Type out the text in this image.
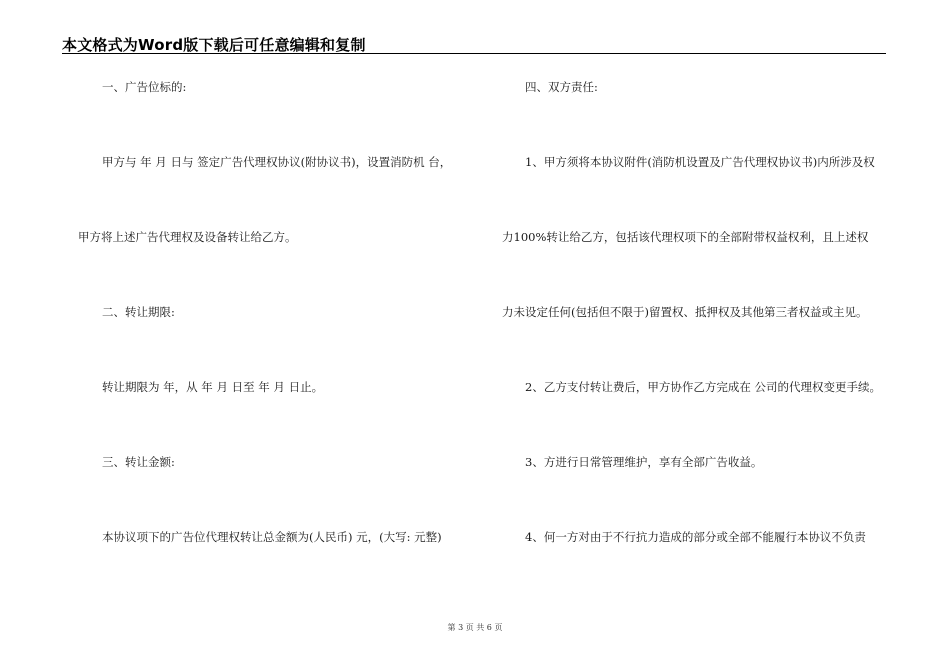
本文格式为Word版下载后可任意编辑和复制
一、广告位标的:
甲方与 年 月 日与 签定广告代理权协议(附协议书)，设置消防机 台，
甲方将上述广告代理权及设备转让给乙方。
二、转让期限:
转让期限为 年，从 年 月 日至 年 月 日止。
三、转让金额:
本协议项下的广告位代理权转让总金额为(人民币) 元，(大写: 元整)
四、双方责任:
1、甲方须将本协议附件(消防机设置及广告代理权协议书)内所涉及权
力100%转让给乙方，包括该代理权项下的全部附带权益权利，且上述权
力未设定任何(包括但不限于)留置权、抵押权及其他第三者权益或主见。
2、乙方支付转让费后，甲方协作乙方完成在 公司的代理权变更手续。
3、方进行日常管理维护，享有全部广告收益。
4、何一方对由于不行抗力造成的部分或全部不能履行本协议不负责
第 3 页 共 6 页
